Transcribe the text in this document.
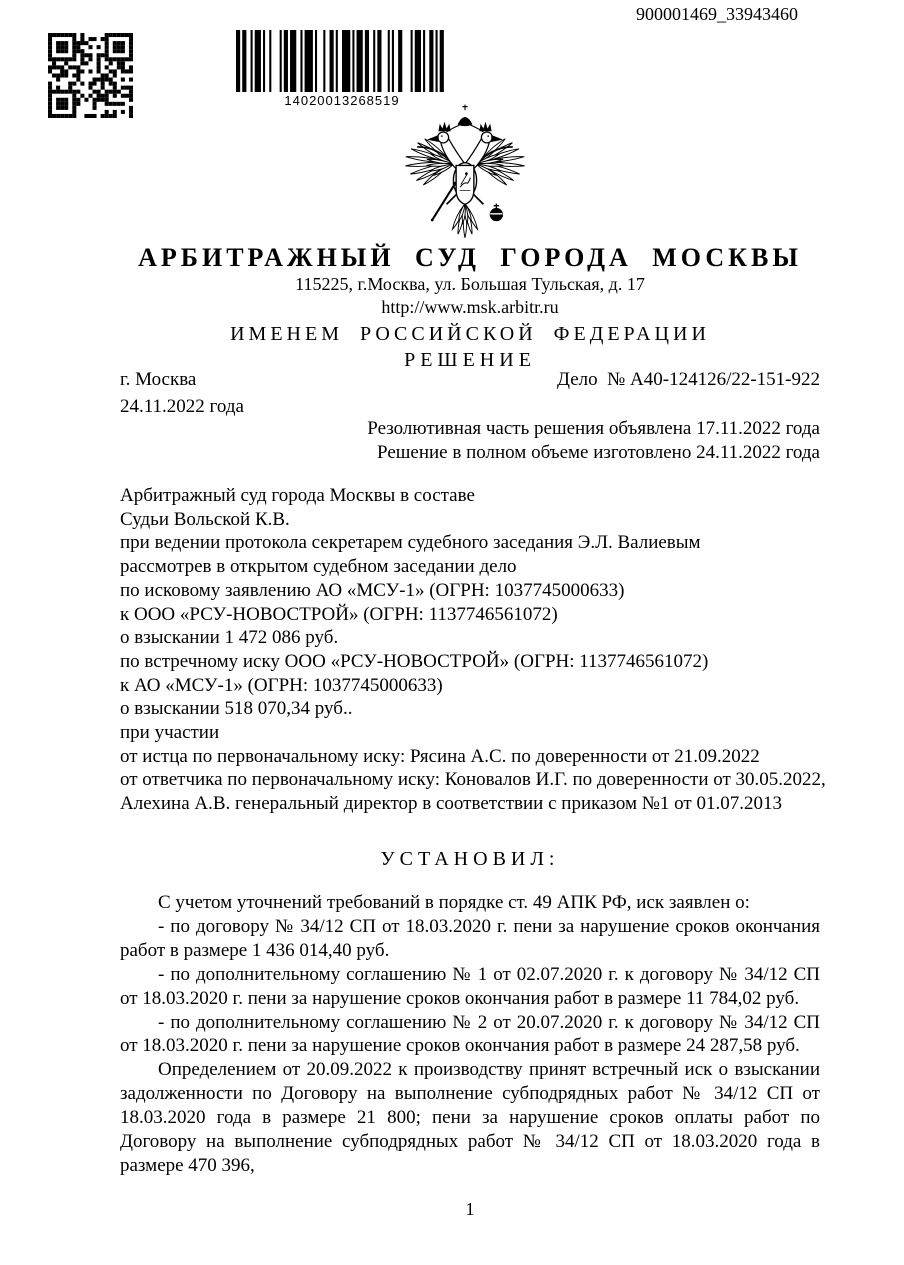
900001469_33943460
14020013268519
АРБИТРАЖНЫЙ СУД ГОРОДА МОСКВЫ
115225, г.Москва, ул. Большая Тульская, д. 17
http://www.msk.arbitr.ru
ИМЕНЕМ РОССИЙСКОЙ ФЕДЕРАЦИИ
РЕШЕНИЕ
г. Москва	Дело  № А40-124126/22-151-922
24.11.2022 года
Резолютивная часть решения объявлена 17.11.2022 года
Решение в полном объеме изготовлено 24.11.2022 года
Арбитражный суд города Москвы в составе
Судьи Вольской К.В.
при ведении протокола секретарем судебного заседания Э.Л. Валиевым
рассмотрев в открытом судебном заседании дело
по исковому заявлению АО «МСУ-1» (ОГРН: 1037745000633)
к ООО «РСУ-НОВОСТРОЙ» (ОГРН: 1137746561072)
о взыскании 1 472 086 руб.
по встречному иску ООО «РСУ-НОВОСТРОЙ» (ОГРН: 1137746561072)
к АО «МСУ-1» (ОГРН: 1037745000633)
о взыскании 518 070,34 руб..
при участии
от истца по первоначальному иску: Рясина А.С. по доверенности от 21.09.2022
от ответчика по первоначальному иску: Коновалов И.Г. по доверенности от 30.05.2022,
Алехина А.В. генеральный директор в соответствии с приказом №1 от 01.07.2013
УСТАНОВИЛ:

С учетом уточнений требований в порядке ст. 49 АПК РФ, иск заявлен о:

- по договору № 34/12 СП от 18.03.2020 г. пени за нарушение сроков окончания работ в размере 1 436 014,40 руб.

- по дополнительному соглашению № 1 от 02.07.2020 г. к договору № 34/12 СП от 18.03.2020 г. пени за нарушение сроков окончания работ в размере 11 784,02 руб.

- по дополнительному соглашению № 2 от 20.07.2020 г. к договору № 34/12 СП от 18.03.2020 г. пени за нарушение сроков окончания работ в размере 24 287,58 руб.

Определением от 20.09.2022 к производству принят встречный иск о взыскании задолженности по Договору на выполнение субподрядных работ № 34/12 СП от 18.03.2020 года в размере 21 800; пени за нарушение сроков оплаты работ по Договору на выполнение субподрядных работ № 34/12 СП от 18.03.2020 года в размере 470 396,

1
